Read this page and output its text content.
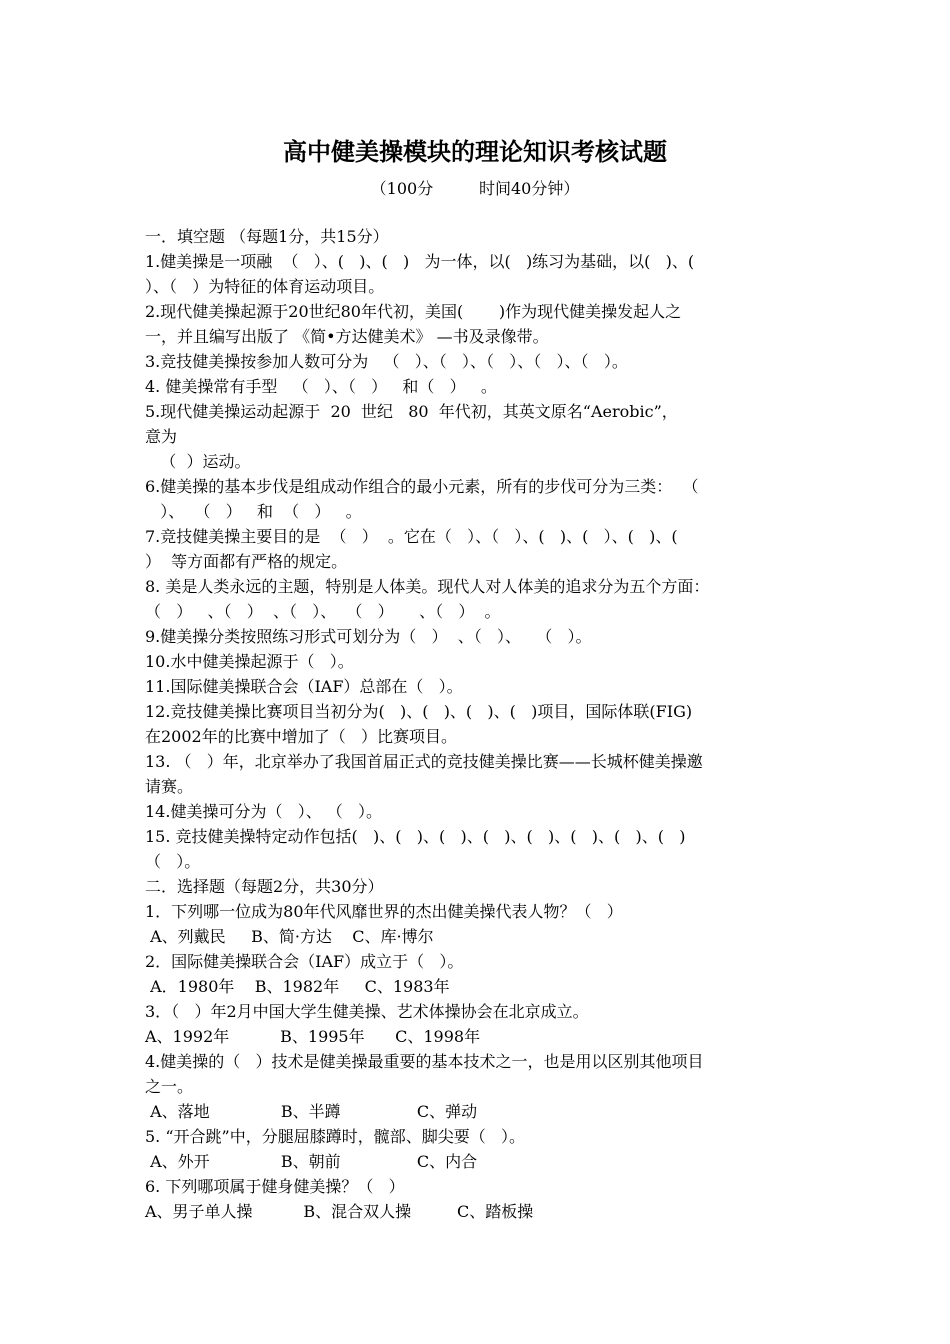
高中健美操模块的理论知识考核试题
（100分         时间40分钟）

一．填空题 （每题1分，共15分）

1.健美操是一项融  （   ）、(   )、(   )   为一体，以(   )练习为基础，以(   )、(

）、（   ）为特征的体育运动项目。

2.现代健美操起源于20世纪80年代初，美国(       )作为现代健美操发起人之

一，并且编写出版了 《简•方达健美术》 —书及录像带。

3.竞技健美操按参加人数可分为   （   ）、（   ）、（   ）、（   ）、（   ）。

4. 健美操常有手型   （   ）、（   ）   和（   ）   。

5.现代健美操运动起源于  20  世纪   80  年代初，其英文原名“Aerobic”，

意为

（  ）运动。

6.健美操的基本步伐是组成动作组合的最小元素，所有的步伐可分为三类：  （

）、  （   ）   和  （   ）   。

7.竞技健美操主要目的是  （   ）  。它在（   ）、（   ）、(   )、(   ）、(   )、(

）  等方面都有严格的规定。

8. 美是人类永远的主题，特别是人体美。现代人对人体美的追求分为五个方面：

（   ）   、（   ）  、（   ）、  （   ）     、（   ）  。

9.健美操分类按照练习形式可划分为（   ）  、（   ）、   （   ）。

10.水中健美操起源于（   ）。

11.国际健美操联合会（IAF）总部在（   ）。

12.竞技健美操比赛项目当初分为(   )、(   )、(   )、(   )项目，国际体联(FIG)

在2002年的比赛中增加了（   ）比赛项目。

13. （   ）年，北京举办了我国首届正式的竞技健美操比赛——长城杯健美操邀

请赛。

14.健美操可分为（   ）、 （   ）。

15. 竞技健美操特定动作包括(   )、(   )、(   )、(   )、(   )、(   )、(   )、(   )

（   ）。

二．选择题（每题2分，共30分）

1．下列哪一位成为80年代风靡世界的杰出健美操代表人物？（   ）

A、列戴民     B、简·方达    C、库·博尔

2．国际健美操联合会（IAF）成立于（   ）。

A．1980年    B、1982年     C、1983年

3．（   ）年2月中国大学生健美操、艺术体操协会在北京成立。

A、1992年          B、1995年      C、1998年

4.健美操的（   ）技术是健美操最重要的基本技术之一，也是用以区别其他项目

之一。

A、落地              B、半蹲               C、弹动

5. “开合跳”中，分腿屈膝蹲时，髋部、脚尖要（   ）。

A、外开              B、朝前               C、内合

6. 下列哪项属于健身健美操？（   ）

A、男子单人操          B、混合双人操         C、踏板操
